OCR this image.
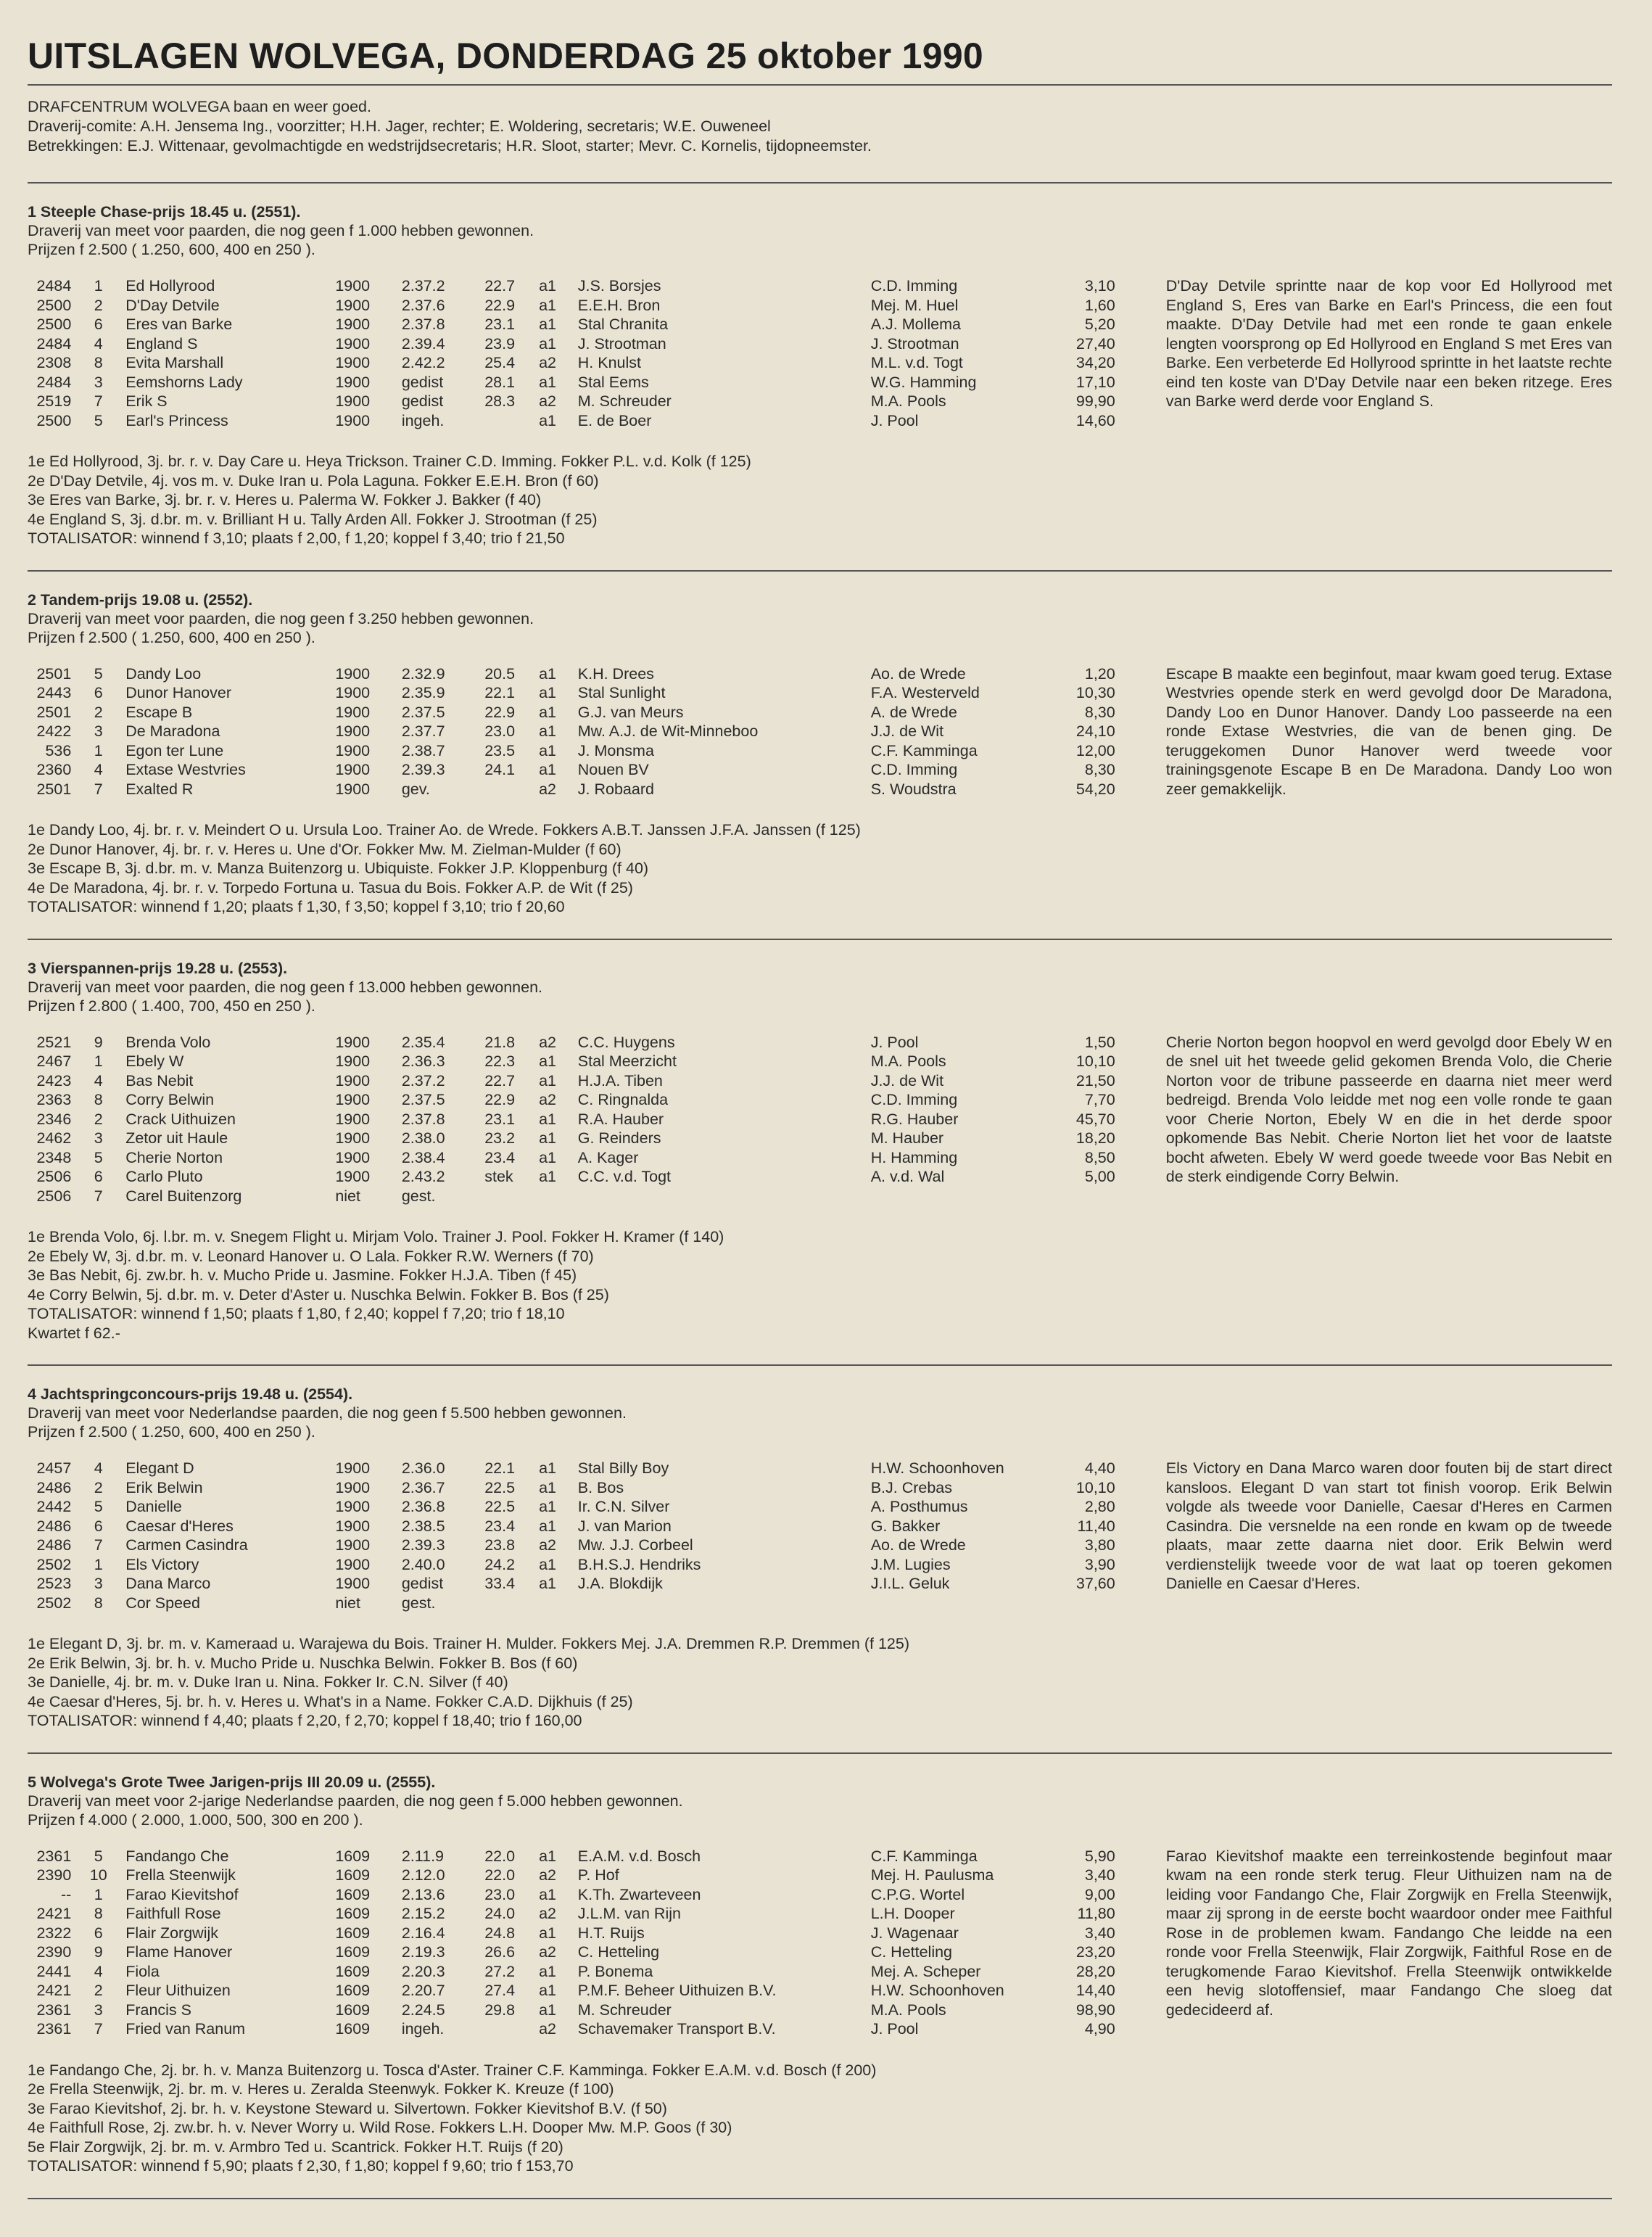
UITSLAGEN WOLVEGA, DONDERDAG 25 oktober 1990
DRAFCENTRUM WOLVEGA baan en weer goed.
Draverij-comite: A.H. Jensema Ing., voorzitter; H.H. Jager, rechter; E. Woldering, secretaris; W.E. Ouweneel
Betrekkingen: E.J. Wittenaar, gevolmachtigde en wedstrijdsecretaris; H.R. Sloot, starter; Mevr. C. Kornelis, tijdopneemster.
1 Steeple Chase-prijs 18.45 u. (2551).
Draverij van meet voor paarden, die nog geen f 1.000 hebben gewonnen.
Prijzen f 2.500 ( 1.250, 600, 400 en 250 ).
2484	1	Ed Hollyrood	1900	2.37.2	22.7	a1	J.S. Borsjes	C.D. Imming	3,10
2500	2	D'Day Detvile	1900	2.37.6	22.9	a1	E.E.H. Bron	Mej. M. Huel	1,60
2500	6	Eres van Barke	1900	2.37.8	23.1	a1	Stal Chranita	A.J. Mollema	5,20
2484	4	England S	1900	2.39.4	23.9	a1	J. Strootman	J. Strootman	27,40
2308	8	Evita Marshall	1900	2.42.2	25.4	a2	H. Knulst	M.L. v.d. Togt	34,20
2484	3	Eemshorns Lady	1900	gedist	28.1	a1	Stal Eems	W.G. Hamming	17,10
2519	7	Erik S	1900	gedist	28.3	a2	M. Schreuder	M.A. Pools	99,90
2500	5	Earl's Princess	1900	ingeh.		a1	E. de Boer	J. Pool	14,60
D'Day Detvile sprintte naar de kop voor Ed Hollyrood met England S, Eres van Barke en Earl's Princess, die een fout maakte. D'Day Detvile had met een ronde te gaan enkele lengten voorsprong op Ed Hollyrood en England S met Eres van Barke. Een verbeterde Ed Hollyrood sprintte in het laatste rechte eind ten koste van D'Day Detvile naar een beken ritzege. Eres van Barke werd derde voor England S.
1e Ed Hollyrood, 3j. br. r. v. Day Care u. Heya Trickson. Trainer C.D. Imming. Fokker P.L. v.d. Kolk (f 125)
2e D'Day Detvile, 4j. vos m. v. Duke Iran u. Pola Laguna. Fokker E.E.H. Bron (f 60)
3e Eres van Barke, 3j. br. r. v. Heres u. Palerma W. Fokker J. Bakker (f 40)
4e England S, 3j. d.br. m. v. Brilliant H u. Tally Arden All. Fokker J. Strootman (f 25)
TOTALISATOR: winnend f 3,10; plaats f 2,00, f 1,20; koppel f 3,40; trio f 21,50
2 Tandem-prijs 19.08 u. (2552).
Draverij van meet voor paarden, die nog geen f 3.250 hebben gewonnen.
Prijzen f 2.500 ( 1.250, 600, 400 en 250 ).
2501	5	Dandy Loo	1900	2.32.9	20.5	a1	K.H. Drees	Ao. de Wrede	1,20
2443	6	Dunor Hanover	1900	2.35.9	22.1	a1	Stal Sunlight	F.A. Westerveld	10,30
2501	2	Escape B	1900	2.37.5	22.9	a1	G.J. van Meurs	A. de Wrede	8,30
2422	3	De Maradona	1900	2.37.7	23.0	a1	Mw. A.J. de Wit-Minneboo	J.J. de Wit	24,10
536	1	Egon ter Lune	1900	2.38.7	23.5	a1	J. Monsma	C.F. Kamminga	12,00
2360	4	Extase Westvries	1900	2.39.3	24.1	a1	Nouen BV	C.D. Imming	8,30
2501	7	Exalted R	1900	gev.		a2	J. Robaard	S. Woudstra	54,20
Escape B maakte een beginfout, maar kwam goed terug. Extase Westvries opende sterk en werd gevolgd door De Maradona, Dandy Loo en Dunor Hanover. Dandy Loo passeerde na een ronde Extase Westvries, die van de benen ging. De teruggekomen Dunor Hanover werd tweede voor trainingsgenote Escape B en De Maradona. Dandy Loo won zeer gemakkelijk.
1e Dandy Loo, 4j. br. r. v. Meindert O u. Ursula Loo. Trainer Ao. de Wrede. Fokkers A.B.T. Janssen J.F.A. Janssen (f 125)
2e Dunor Hanover, 4j. br. r. v. Heres u. Une d'Or. Fokker Mw. M. Zielman-Mulder (f 60)
3e Escape B, 3j. d.br. m. v. Manza Buitenzorg u. Ubiquiste. Fokker J.P. Kloppenburg (f 40)
4e De Maradona, 4j. br. r. v. Torpedo Fortuna u. Tasua du Bois. Fokker A.P. de Wit (f 25)
TOTALISATOR: winnend f 1,20; plaats f 1,30, f 3,50; koppel f 3,10; trio f 20,60
3 Vierspannen-prijs 19.28 u. (2553).
Draverij van meet voor paarden, die nog geen f 13.000 hebben gewonnen.
Prijzen f 2.800 ( 1.400, 700, 450 en 250 ).
2521	9	Brenda Volo	1900	2.35.4	21.8	a2	C.C. Huygens	J. Pool	1,50
2467	1	Ebely W	1900	2.36.3	22.3	a1	Stal Meerzicht	M.A. Pools	10,10
2423	4	Bas Nebit	1900	2.37.2	22.7	a1	H.J.A. Tiben	J.J. de Wit	21,50
2363	8	Corry Belwin	1900	2.37.5	22.9	a2	C. Ringnalda	C.D. Imming	7,70
2346	2	Crack Uithuizen	1900	2.37.8	23.1	a1	R.A. Hauber	R.G. Hauber	45,70
2462	3	Zetor uit Haule	1900	2.38.0	23.2	a1	G. Reinders	M. Hauber	18,20
2348	5	Cherie Norton	1900	2.38.4	23.4	a1	A. Kager	H. Hamming	8,50
2506	6	Carlo Pluto	1900	2.43.2	stek	a1	C.C. v.d. Togt	A. v.d. Wal	5,00
2506	7	Carel Buitenzorg	niet	gest.					
Cherie Norton begon hoopvol en werd gevolgd door Ebely W en de snel uit het tweede gelid gekomen Brenda Volo, die Cherie Norton voor de tribune passeerde en daarna niet meer werd bedreigd. Brenda Volo leidde met nog een volle ronde te gaan voor Cherie Norton, Ebely W en die in het derde spoor opkomende Bas Nebit. Cherie Norton liet het voor de laatste bocht afweten. Ebely W werd goede tweede voor Bas Nebit en de sterk eindigende Corry Belwin.
1e Brenda Volo, 6j. l.br. m. v. Snegem Flight u. Mirjam Volo. Trainer J. Pool. Fokker H. Kramer (f 140)
2e Ebely W, 3j. d.br. m. v. Leonard Hanover u. O Lala. Fokker R.W. Werners (f 70)
3e Bas Nebit, 6j. zw.br. h. v. Mucho Pride u. Jasmine. Fokker H.J.A. Tiben (f 45)
4e Corry Belwin, 5j. d.br. m. v. Deter d'Aster u. Nuschka Belwin. Fokker B. Bos (f 25)
TOTALISATOR: winnend f 1,50; plaats f 1,80, f 2,40; koppel f 7,20; trio f 18,10
Kwartet f 62.-
4 Jachtspringconcours-prijs 19.48 u. (2554).
Draverij van meet voor Nederlandse paarden, die nog geen f 5.500 hebben gewonnen.
Prijzen f 2.500 ( 1.250, 600, 400 en 250 ).
2457	4	Elegant D	1900	2.36.0	22.1	a1	Stal Billy Boy	H.W. Schoonhoven	4,40
2486	2	Erik Belwin	1900	2.36.7	22.5	a1	B. Bos	B.J. Crebas	10,10
2442	5	Danielle	1900	2.36.8	22.5	a1	Ir. C.N. Silver	A. Posthumus	2,80
2486	6	Caesar d'Heres	1900	2.38.5	23.4	a1	J. van Marion	G. Bakker	11,40
2486	7	Carmen Casindra	1900	2.39.3	23.8	a2	Mw. J.J. Corbeel	Ao. de Wrede	3,80
2502	1	Els Victory	1900	2.40.0	24.2	a1	B.H.S.J. Hendriks	J.M. Lugies	3,90
2523	3	Dana Marco	1900	gedist	33.4	a1	J.A. Blokdijk	J.I.L. Geluk	37,60
2502	8	Cor Speed	niet	gest.					
Els Victory en Dana Marco waren door fouten bij de start direct kansloos. Elegant D van start tot finish voorop. Erik Belwin volgde als tweede voor Danielle, Caesar d'Heres en Carmen Casindra. Die versnelde na een ronde en kwam op de tweede plaats, maar zette daarna niet door. Erik Belwin werd verdienstelijk tweede voor de wat laat op toeren gekomen Danielle en Caesar d'Heres.
1e Elegant D, 3j. br. m. v. Kameraad u. Warajewa du Bois. Trainer H. Mulder. Fokkers Mej. J.A. Dremmen R.P. Dremmen (f 125)
2e Erik Belwin, 3j. br. h. v. Mucho Pride u. Nuschka Belwin. Fokker B. Bos (f 60)
3e Danielle, 4j. br. m. v. Duke Iran u. Nina. Fokker Ir. C.N. Silver (f 40)
4e Caesar d'Heres, 5j. br. h. v. Heres u. What's in a Name. Fokker C.A.D. Dijkhuis (f 25)
TOTALISATOR: winnend f 4,40; plaats f 2,20, f 2,70; koppel f 18,40; trio f 160,00
5 Wolvega's Grote Twee Jarigen-prijs III 20.09 u. (2555).
Draverij van meet voor 2-jarige Nederlandse paarden, die nog geen f 5.000 hebben gewonnen.
Prijzen f 4.000 ( 2.000, 1.000, 500, 300 en 200 ).
2361	5	Fandango Che	1609	2.11.9	22.0	a1	E.A.M. v.d. Bosch	C.F. Kamminga	5,90
2390	10	Frella Steenwijk	1609	2.12.0	22.0	a2	P. Hof	Mej. H. Paulusma	3,40
--	1	Farao Kievitshof	1609	2.13.6	23.0	a1	K.Th. Zwarteveen	C.P.G. Wortel	9,00
2421	8	Faithfull Rose	1609	2.15.2	24.0	a2	J.L.M. van Rijn	L.H. Dooper	11,80
2322	6	Flair Zorgwijk	1609	2.16.4	24.8	a1	H.T. Ruijs	J. Wagenaar	3,40
2390	9	Flame Hanover	1609	2.19.3	26.6	a2	C. Hetteling	C. Hetteling	23,20
2441	4	Fiola	1609	2.20.3	27.2	a1	P. Bonema	Mej. A. Scheper	28,20
2421	2	Fleur Uithuizen	1609	2.20.7	27.4	a1	P.M.F. Beheer Uithuizen B.V.	H.W. Schoonhoven	14,40
2361	3	Francis S	1609	2.24.5	29.8	a1	M. Schreuder	M.A. Pools	98,90
2361	7	Fried van Ranum	1609	ingeh.		a2	Schavemaker Transport B.V.	J. Pool	4,90
Farao Kievitshof maakte een terreinkostende beginfout maar kwam na een ronde sterk terug. Fleur Uithuizen nam na de leiding voor Fandango Che, Flair Zorgwijk en Frella Steenwijk, maar zij sprong in de eerste bocht waardoor onder mee Faithful Rose in de problemen kwam. Fandango Che leidde na een ronde voor Frella Steenwijk, Flair Zorgwijk, Faithful Rose en de terugkomende Farao Kievitshof. Frella Steenwijk ontwikkelde een hevig slotoffensief, maar Fandango Che sloeg dat gedecideerd af.
1e Fandango Che, 2j. br. h. v. Manza Buitenzorg u. Tosca d'Aster. Trainer C.F. Kamminga. Fokker E.A.M. v.d. Bosch (f 200)
2e Frella Steenwijk, 2j. br. m. v. Heres u. Zeralda Steenwyk. Fokker K. Kreuze (f 100)
3e Farao Kievitshof, 2j. br. h. v. Keystone Steward u. Silvertown. Fokker Kievitshof B.V. (f 50)
4e Faithfull Rose, 2j. zw.br. h. v. Never Worry u. Wild Rose. Fokkers L.H. Dooper Mw. M.P. Goos (f 30)
5e Flair Zorgwijk, 2j. br. m. v. Armbro Ted u. Scantrick. Fokker H.T. Ruijs (f 20)
TOTALISATOR: winnend f 5,90; plaats f 2,30, f 1,80; koppel f 9,60; trio f 153,70
